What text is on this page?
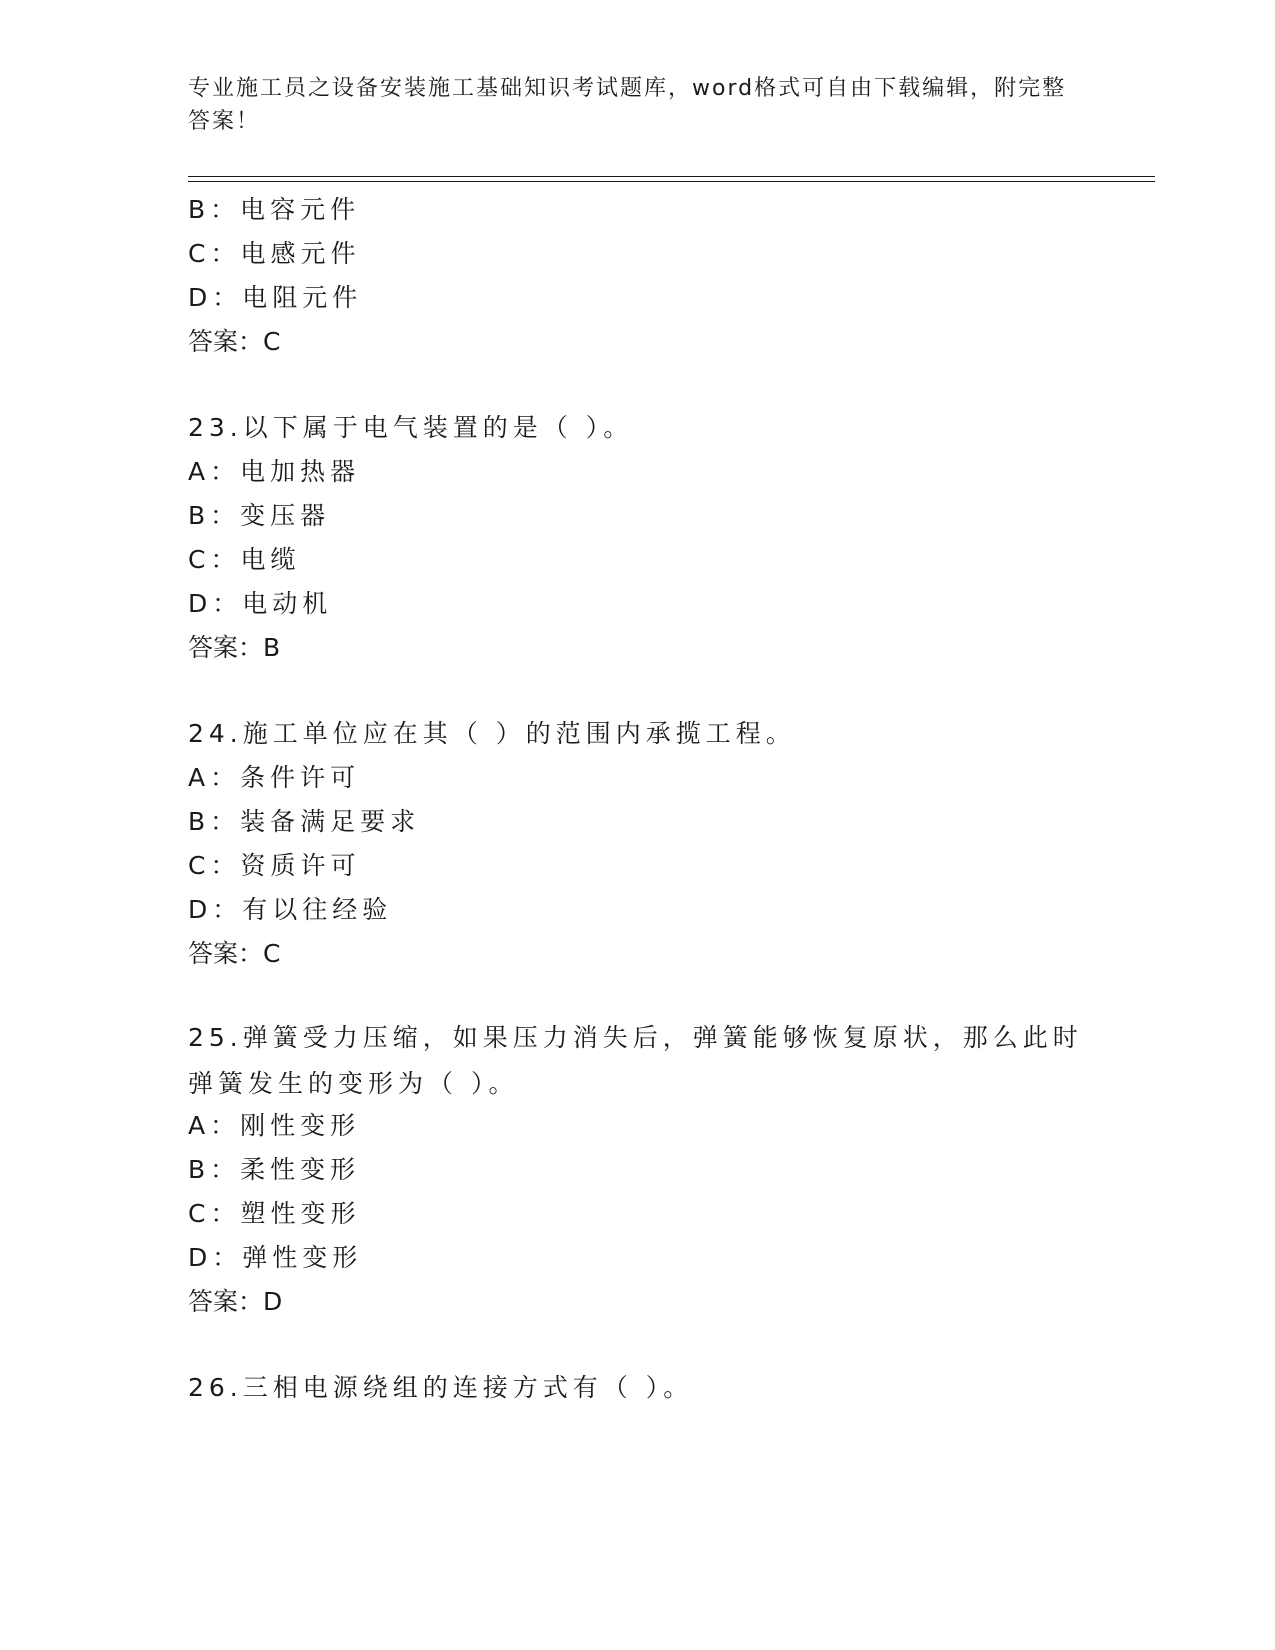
专业施工员之设备安装施工基础知识考试题库，word格式可自由下载编辑，附完整答案！
B：电容元件
C：电感元件
D：电阻元件
答案：C
23.以下属于电气装置的是（ ）。
A：电加热器
B：变压器
C：电缆
D：电动机
答案：B
24.施工单位应在其（ ）的范围内承揽工程。
A：条件许可
B：装备满足要求
C：资质许可
D：有以往经验
答案：C
25.弹簧受力压缩，如果压力消失后，弹簧能够恢复原状，那么此时弹簧发生的变形为（ ）。
A：刚性变形
B：柔性变形
C：塑性变形
D：弹性变形
答案：D
26.三相电源绕组的连接方式有（ ）。
